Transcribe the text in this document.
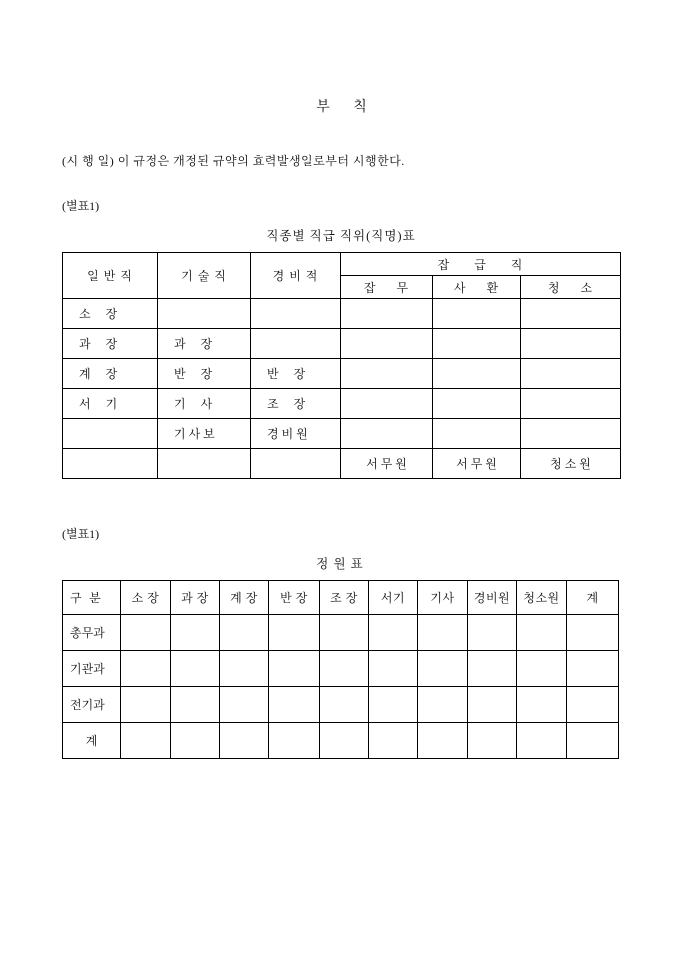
부     칙

(시 행 일) 이 규정은 개정된 규약의 효력발생일로부터 시행한다.

(별표1)
직종별 직급 직위(직명)표
일 반 직	기 술 직	경 비 적	잡      급      직		
			잡     무	사     환	청     소
소     장					
과     장	과     장				
계     장	반     장	반     장			
서     기	기     사	조     장			
	기 사 보	경 비 원			
			서 무 원	서 무 원	청 소 원
(별표1)
정 원 표
구  분	소 장	과 장	계 장	반 장	조 장	서기	기사	경비원	청소원	계
총무과										
기관과										
전기과										
계										
